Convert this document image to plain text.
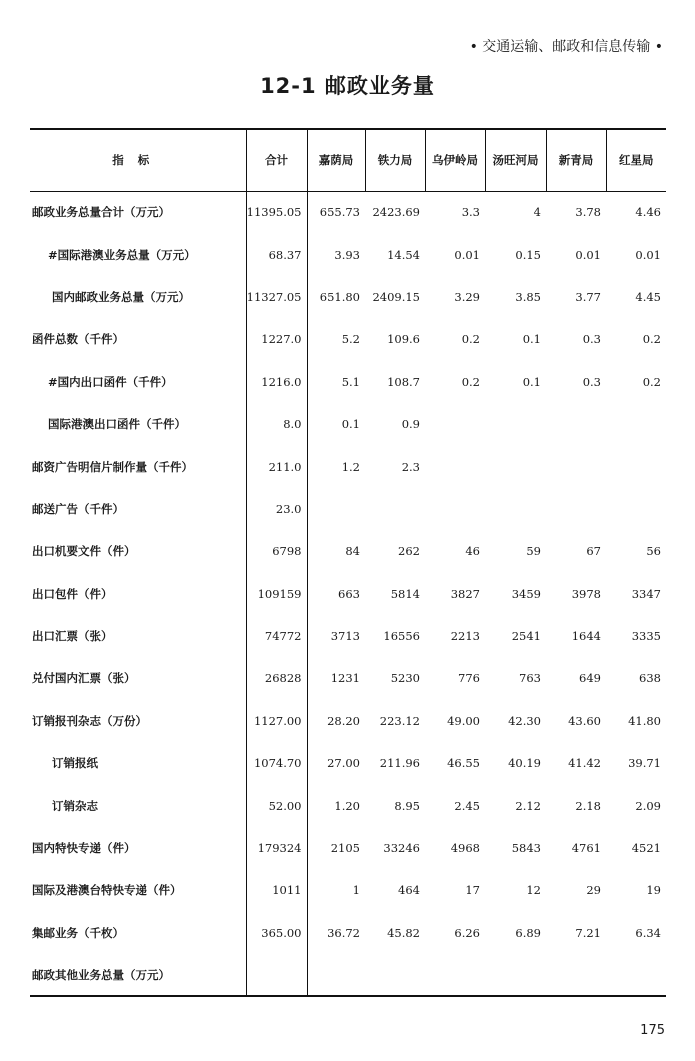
• 交通运输、邮政和信息传输 •
12-1 邮政业务量
指标	合计	嘉荫局	铁力局	乌伊岭局	汤旺河局	新青局	红星局
邮政业务总量合计（万元）	11395.05	655.73	2423.69	3.3	4	3.78	4.46
#国际港澳业务总量（万元）	68.37	3.93	14.54	0.01	0.15	0.01	0.01
国内邮政业务总量（万元）	11327.05	651.80	2409.15	3.29	3.85	3.77	4.45
函件总数（千件）	1227.0	5.2	109.6	0.2	0.1	0.3	0.2
#国内出口函件（千件）	1216.0	5.1	108.7	0.2	0.1	0.3	0.2
国际港澳出口函件（千件）	8.0	0.1	0.9				
邮资广告明信片制作量（千件）	211.0	1.2	2.3				
邮送广告（千件）	23.0						
出口机要文件（件）	6798	84	262	46	59	67	56
出口包件（件）	109159	663	5814	3827	3459	3978	3347
出口汇票（张）	74772	3713	16556	2213	2541	1644	3335
兑付国内汇票（张）	26828	1231	5230	776	763	649	638
订销报刊杂志（万份）	1127.00	28.20	223.12	49.00	42.30	43.60	41.80
订销报纸	1074.70	27.00	211.96	46.55	40.19	41.42	39.71
订销杂志	52.00	1.20	8.95	2.45	2.12	2.18	2.09
国内特快专递（件）	179324	2105	33246	4968	5843	4761	4521
国际及港澳台特快专递（件）	1011	1	464	17	12	29	19
集邮业务（千枚）	365.00	36.72	45.82	6.26	6.89	7.21	6.34
邮政其他业务总量（万元）							
175
